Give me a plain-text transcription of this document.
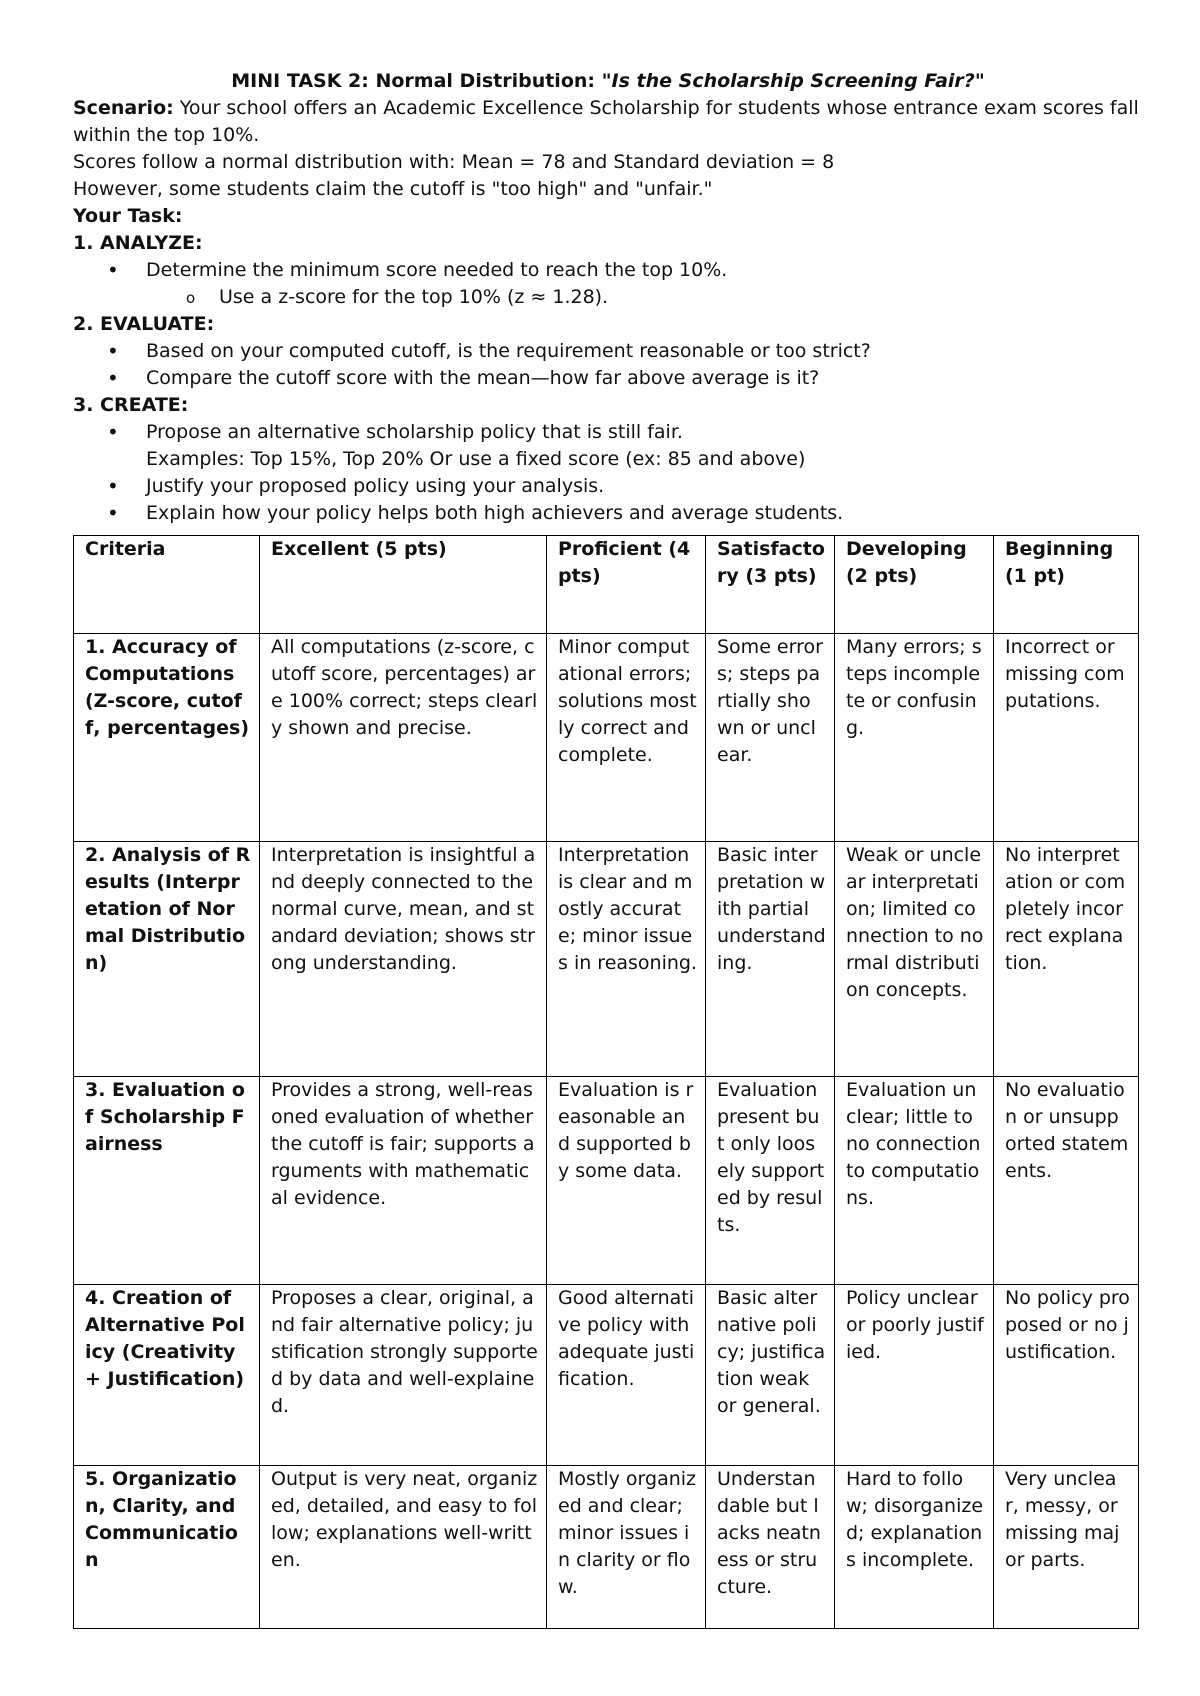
MINI TASK 2: Normal Distribution: "Is the Scholarship Screening Fair?"

Scenario: Your school offers an Academic Excellence Scholarship for students whose entrance exam scores fall within the top 10%.

Scores follow a normal distribution with: Mean = 78 and Standard deviation = 8

However, some students claim the cutoff is "too high" and "unfair."

Your Task:

1. ANALYZE:

• Determine the minimum score needed to reach the top 10%.
o Use a z-score for the top 10% (z ≈ 1.28).

2. EVALUATE:

• Based on your computed cutoff, is the requirement reasonable or too strict?
• Compare the cutoff score with the mean—how far above average is it?

3. CREATE:

• Propose an alternative scholarship policy that is still fair.

Examples: Top 15%, Top 20% Or use a fixed score (ex: 85 and above)

• Justify your proposed policy using your analysis.
• Explain how your policy helps both high achievers and average students.
Criteria	Excellent (5 pts)	Proficient (4 pts)	Satisfactory (3 pts)	Developing (2 pts)	Beginning (1 pt)
1. Accuracy of Computations (Z-score, cutoff, percentages)	All computations (z-score, cutoff score, percentages) are 100% correct; steps clearly shown and precise.	Minor computational errors; solutions mostly correct and complete.	Some errors; steps partially shown or unclear.	Many errors; steps incomplete or confusing.	Incorrect or missing computations.
2. Analysis of Results (Interpretation of Normal Distribution)	Interpretation is insightful and deeply connected to the normal curve, mean, and standard deviation; shows strong understanding.	Interpretation is clear and mostly accurate; minor issues in reasoning.	Basic interpretation with partial understanding.	Weak or unclear interpretation; limited connection to normal distribution concepts.	No interpretation or completely incorrect explanation.
3. Evaluation of Scholarship Fairness	Provides a strong, well-reasoned evaluation of whether the cutoff is fair; supports arguments with mathematical evidence.	Evaluation is reasonable and supported by some data.	Evaluation present but only loosely supported by results.	Evaluation unclear; little to no connection to computations.	No evaluation or unsupported statements.
4. Creation of Alternative Policy (Creativity + Justification)	Proposes a clear, original, and fair alternative policy; justification strongly supported by data and well-explained.	Good alternative policy with adequate justification.	Basic alternative policy; justification weak or general.	Policy unclear or poorly justified.	No policy proposed or no justification.
5. Organization, Clarity, and Communication	Output is very neat, organized, detailed, and easy to follow; explanations well-written.	Mostly organized and clear; minor issues in clarity or flow.	Understandable but lacks neatness or structure.	Hard to follow; disorganized; explanations incomplete.	Very unclear, messy, or missing major parts.
